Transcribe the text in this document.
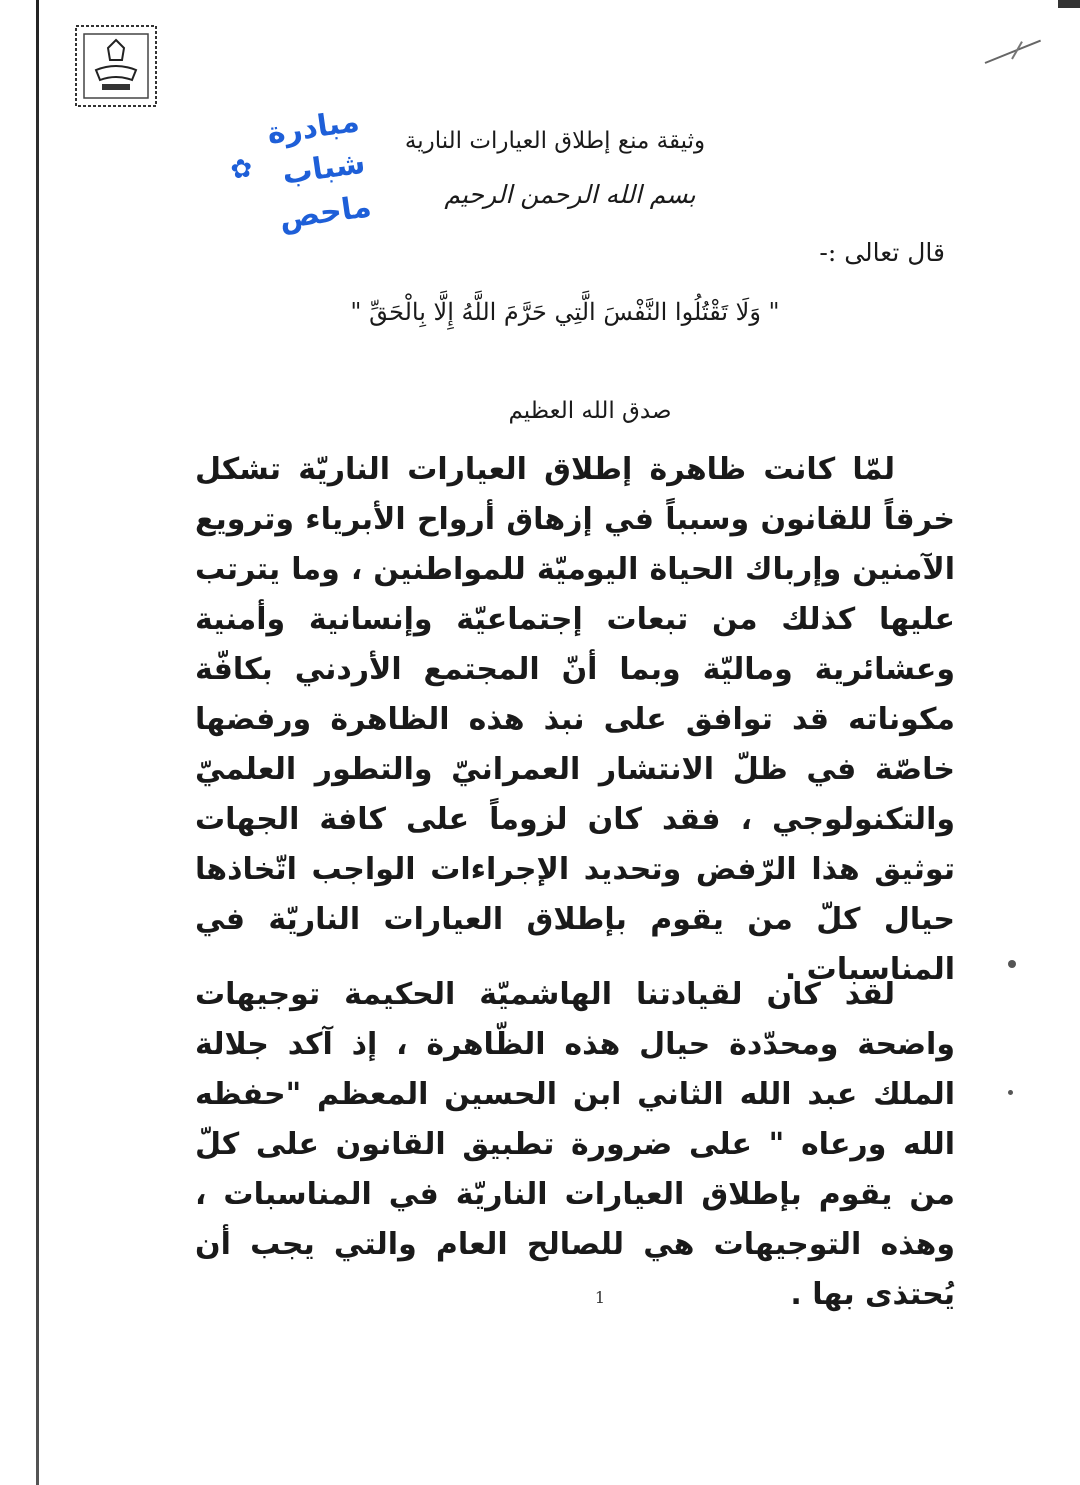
مبادرة
✿ شباب
ماحص
وثيقة منع إطلاق العيارات النارية
بسم الله الرحمن الرحيم
قال تعالى :-
" وَلَا تَقْتُلُوا النَّفْسَ الَّتِي حَرَّمَ اللَّهُ إِلَّا بِالْحَقِّ "
صدق الله العظيم
لمّا كانت ظاهرة إطلاق العيارات الناريّة تشكل خرقاً للقانون وسبباً في إزهاق أرواح الأبرياء وترويع الآمنين وإرباك الحياة اليوميّة للمواطنين ، وما يترتب عليها كذلك من تبعات إجتماعيّة وإنسانية وأمنية وعشائرية وماليّة وبما أنّ المجتمع الأردني بكافّة مكوناته قد توافق على نبذ هذه الظاهرة ورفضها خاصّة في ظلّ الانتشار العمرانيّ والتطور العلميّ والتكنولوجي ، فقد كان لزوماً على كافة الجهات توثيق هذا الرّفض وتحديد الإجراءات الواجب اتّخاذها حيال كلّ من يقوم بإطلاق العيارات الناريّة في المناسبات .
لقد كان لقيادتنا الهاشميّة الحكيمة توجيهات واضحة ومحدّدة حيال هذه الظّاهرة ، إذ آكد جلالة الملك عبد الله الثاني ابن الحسين المعظم "حفظه الله ورعاه " على ضرورة تطبيق القانون على كلّ من يقوم بإطلاق العيارات الناريّة في المناسبات ، وهذه التوجيهات هي للصالح العام والتي يجب أن يُحتذى بها .
1
